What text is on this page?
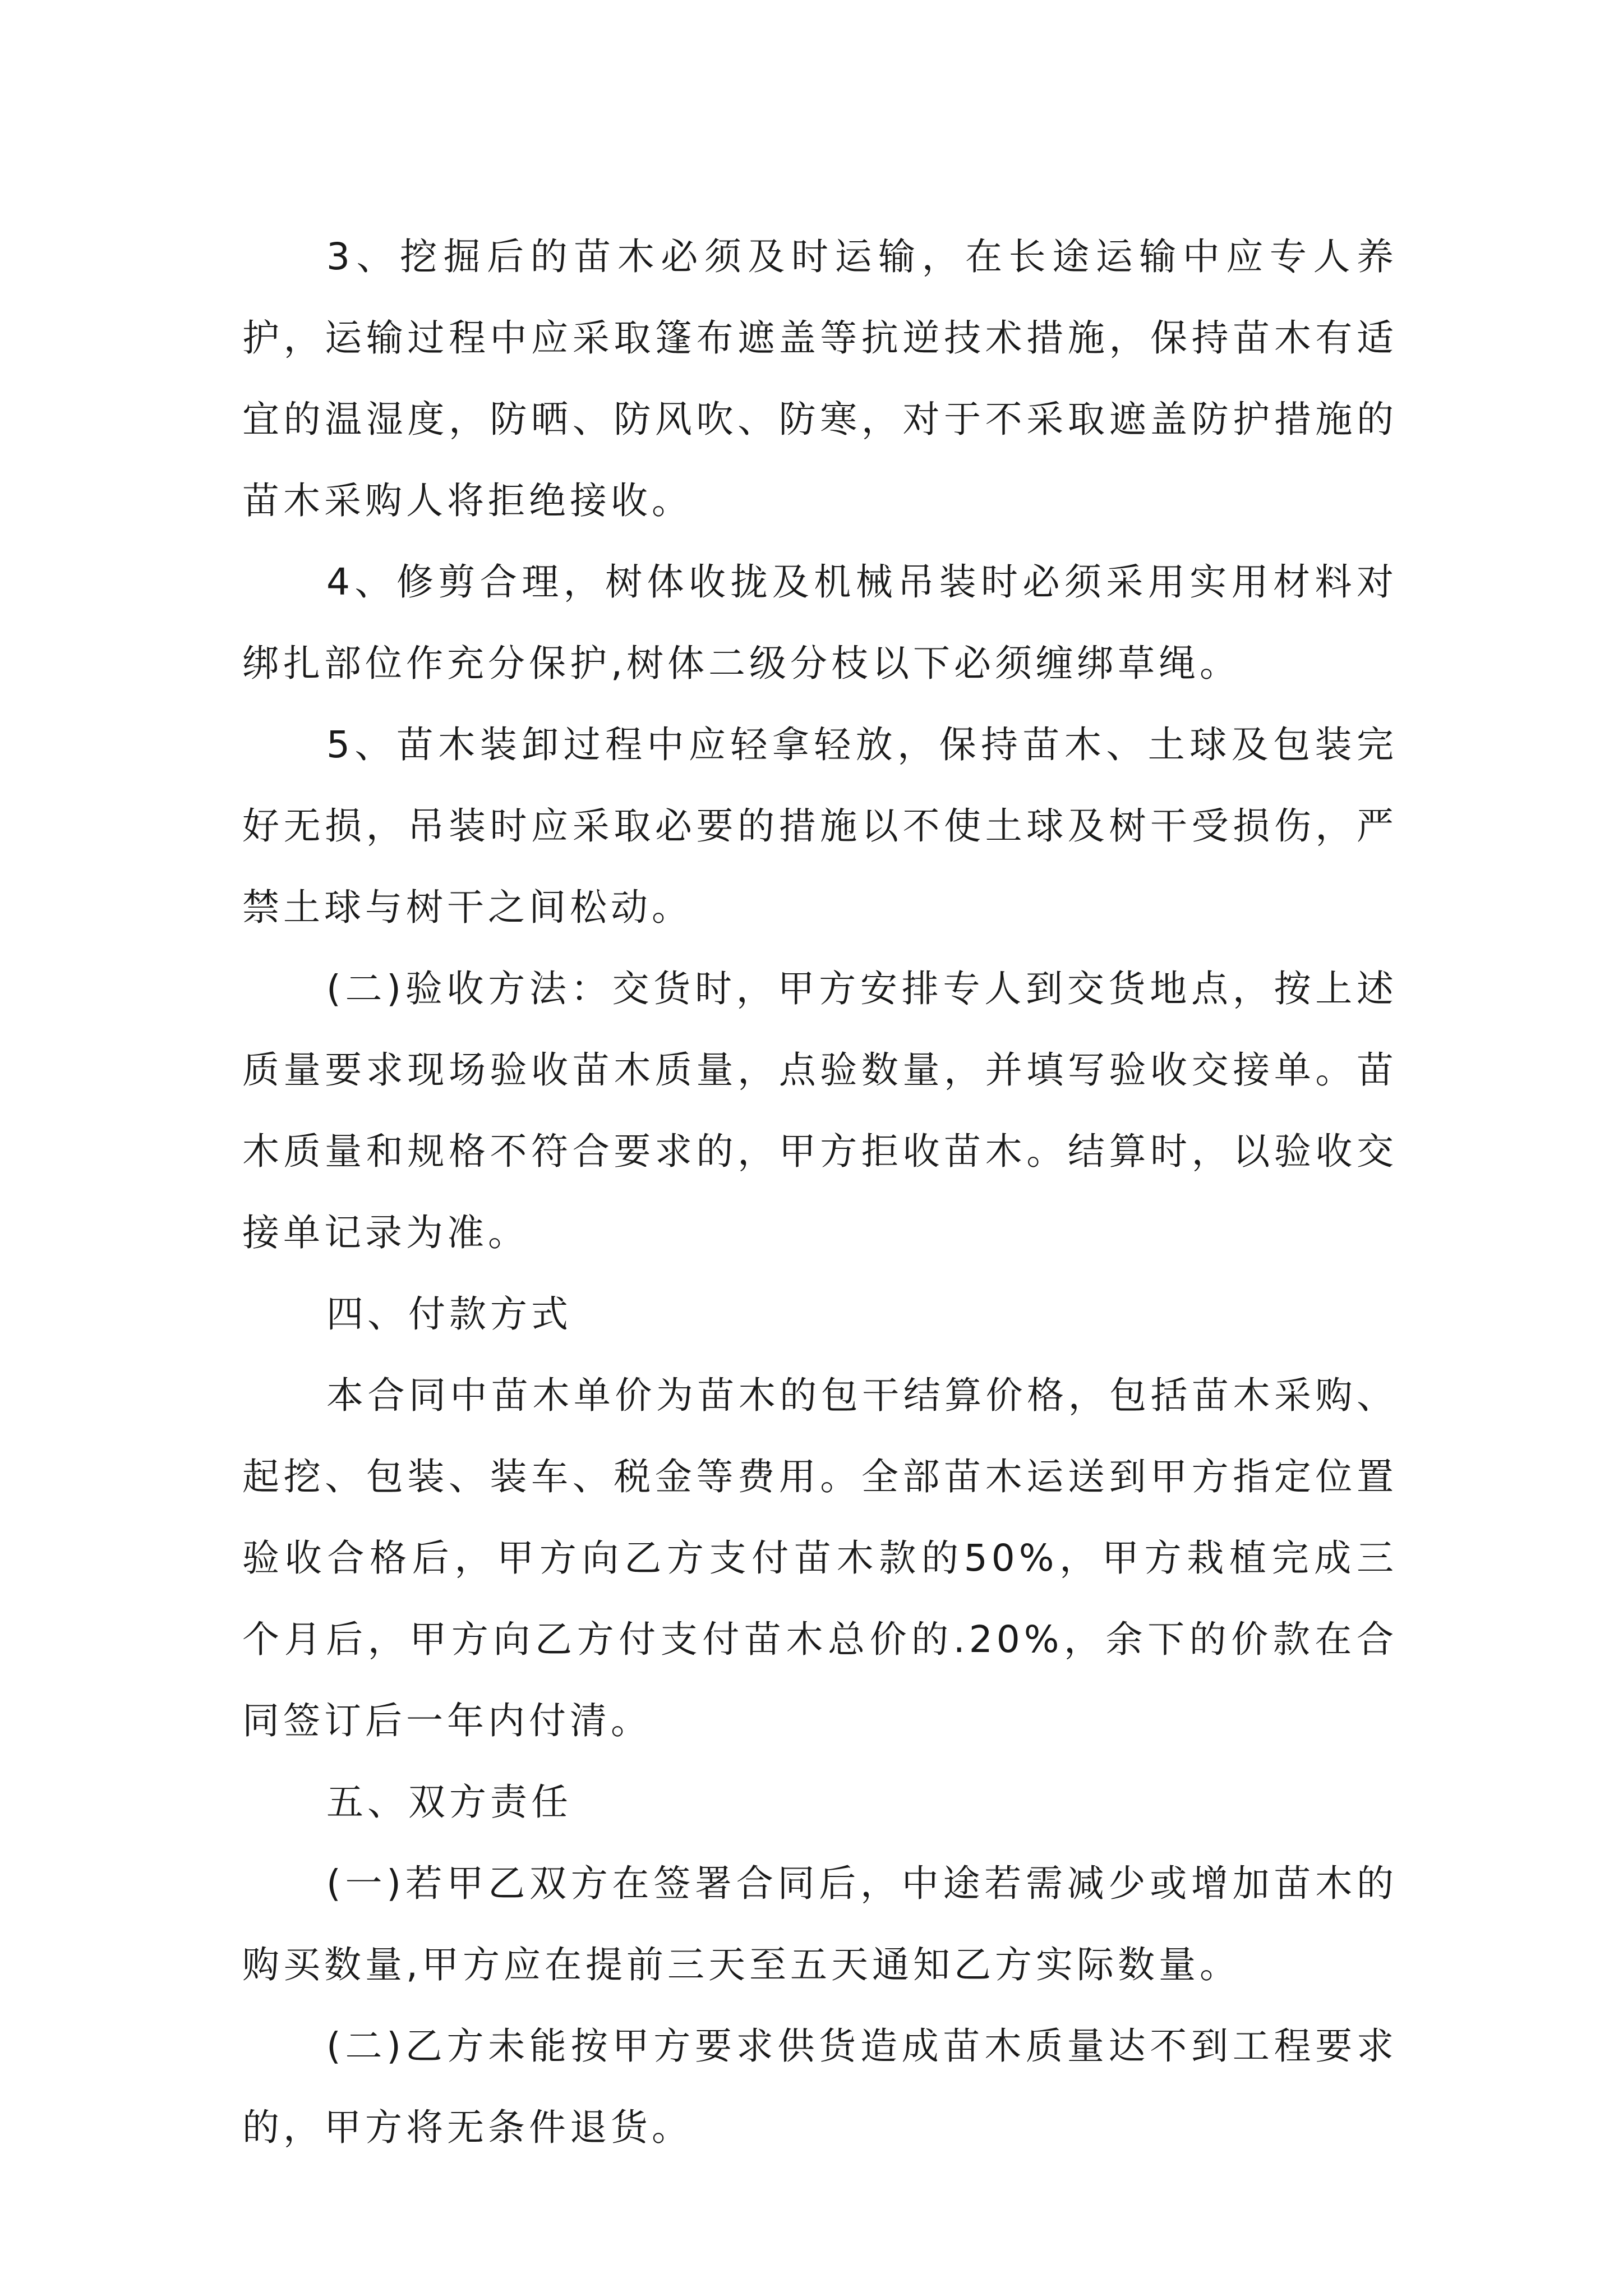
3、挖掘后的苗木必须及时运输，在长途运输中应专人养护，运输过程中应采取篷布遮盖等抗逆技术措施，保持苗木有适宜的温湿度，防晒、防风吹、防寒，对于不采取遮盖防护措施的苗木采购人将拒绝接收。

4、修剪合理，树体收拢及机械吊装时必须采用实用材料对绑扎部位作充分保护,树体二级分枝以下必须缠绑草绳。

5、苗木装卸过程中应轻拿轻放，保持苗木、土球及包装完好无损，吊装时应采取必要的措施以不使土球及树干受损伤，严禁土球与树干之间松动。

(二)验收方法：交货时，甲方安排专人到交货地点，按上述质量要求现场验收苗木质量，点验数量，并填写验收交接单。苗木质量和规格不符合要求的，甲方拒收苗木。结算时，以验收交接单记录为准。

四、付款方式

本合同中苗木单价为苗木的包干结算价格，包括苗木采购、起挖、包装、装车、税金等费用。全部苗木运送到甲方指定位置验收合格后，甲方向乙方支付苗木款的50%，甲方栽植完成三个月后，甲方向乙方付支付苗木总价的.20%，余下的价款在合同签订后一年内付清。

五、双方责任

(一)若甲乙双方在签署合同后，中途若需减少或增加苗木的购买数量,甲方应在提前三天至五天通知乙方实际数量。

(二)乙方未能按甲方要求供货造成苗木质量达不到工程要求的，甲方将无条件退货。
